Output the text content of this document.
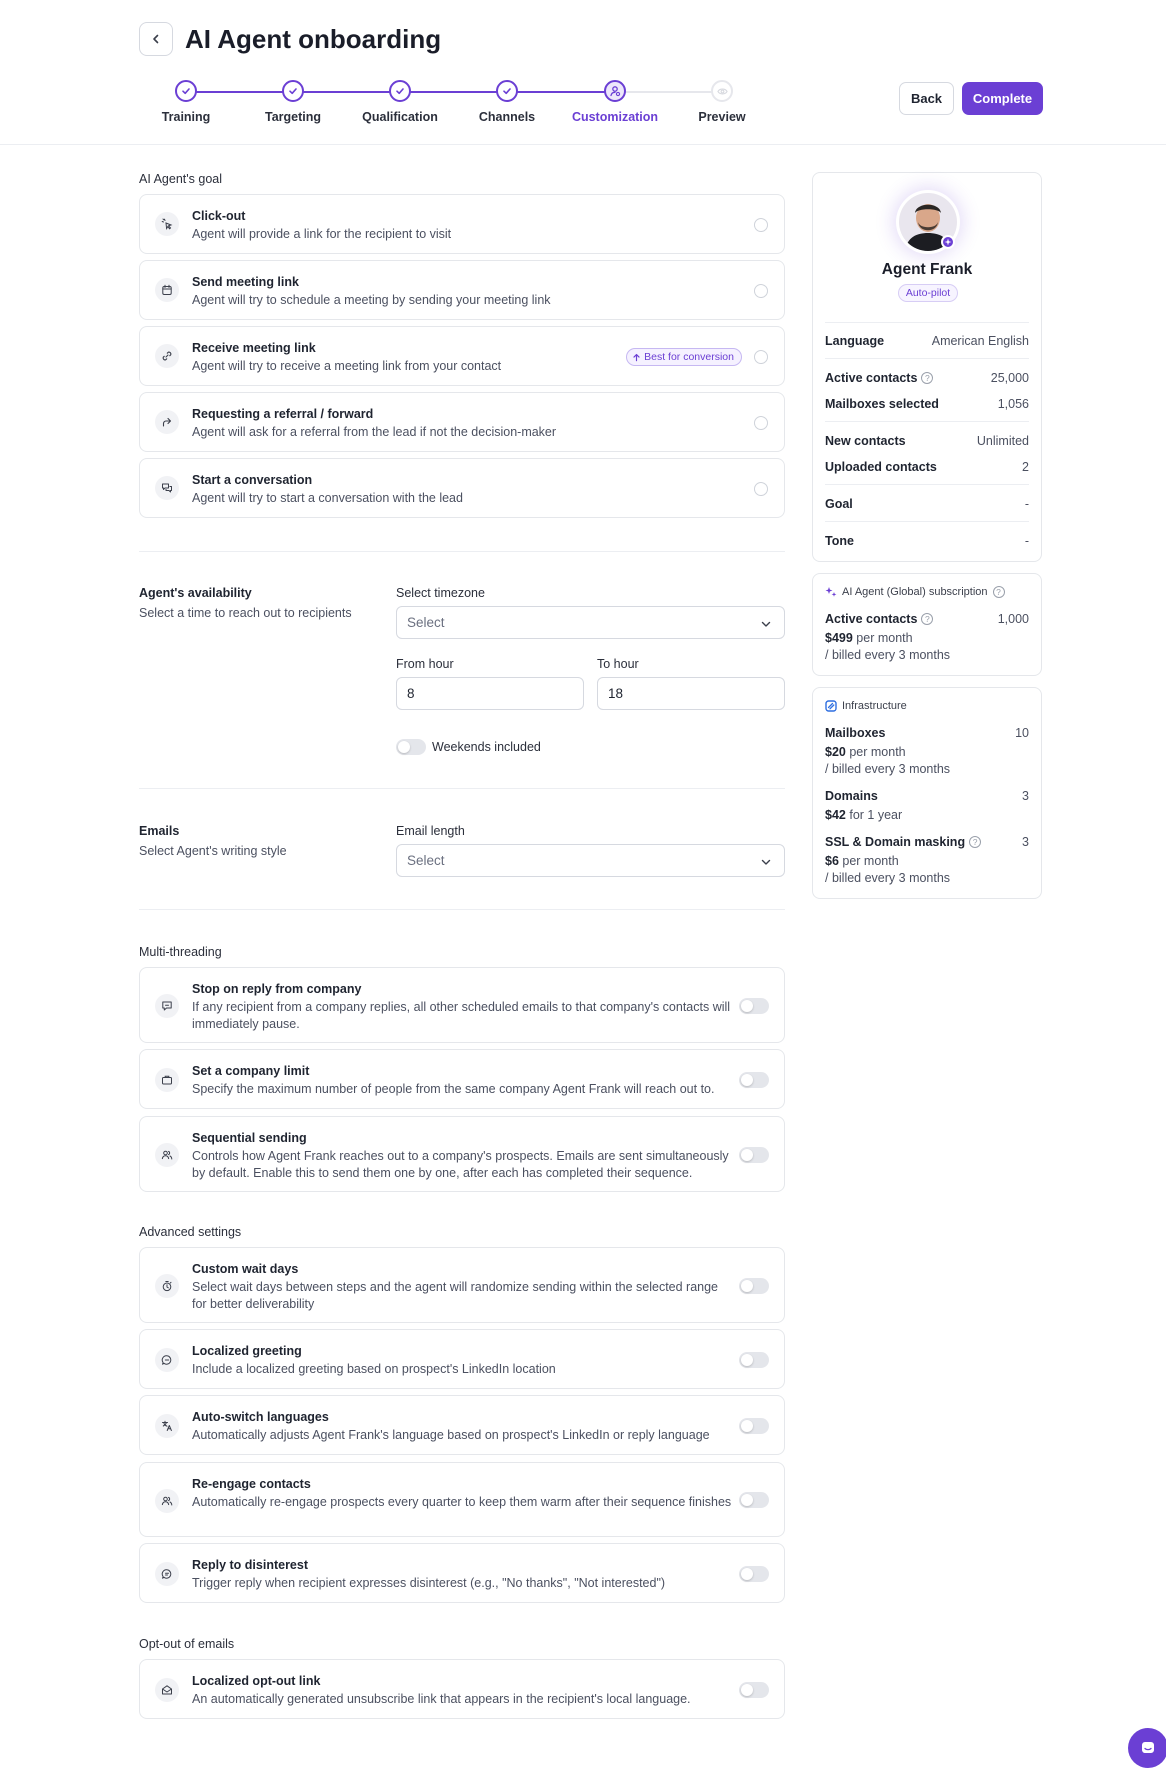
AI Agent onboarding
Training	Targeting	Qualification	Channels	Customization	Preview
Back	Complete
AI Agent's goal
Click-out
Agent will provide a link for the recipient to visit
Send meeting link
Agent will try to schedule a meeting by sending your meeting link
Receive meeting link
Agent will try to receive a meeting link from your contact
Best for conversion
Requesting a referral / forward
Agent will ask for a referral from the lead if not the decision-maker
Start a conversation
Agent will try to start a conversation with the lead
Agent's availability
Select a time to reach out to recipients
Select timezone
Select
From hour
8
To hour
18
Weekends included
Emails
Select Agent's writing style
Email length
Select
Multi-threading
Stop on reply from company
If any recipient from a company replies, all other scheduled emails to that company's contacts will immediately pause.
Set a company limit
Specify the maximum number of people from the same company Agent Frank will reach out to.
Sequential sending
Controls how Agent Frank reaches out to a company's prospects. Emails are sent simultaneously by default. Enable this to send them one by one, after each has completed their sequence.
Advanced settings
Custom wait days
Select wait days between steps and the agent will randomize sending within the selected range for better deliverability
Localized greeting
Include a localized greeting based on prospect's LinkedIn location
Auto-switch languages
Automatically adjusts Agent Frank's language based on prospect's LinkedIn or reply language
Re-engage contacts
Automatically re-engage prospects every quarter to keep them warm after their sequence finishes
Reply to disinterest
Trigger reply when recipient expresses disinterest (e.g., "No thanks", "Not interested")
Opt-out of emails
Localized opt-out link
An automatically generated unsubscribe link that appears in the recipient's local language.
Agent Frank
Auto-pilot
Language	American English
Active contacts ?	25,000
Mailboxes selected	1,056
New contacts	Unlimited
Uploaded contacts	2
Goal	-
Tone	-
AI Agent (Global) subscription	?
Active contacts ?	1,000
$499 per month
/ billed every 3 months
Infrastructure
Mailboxes	10
$20 per month
/ billed every 3 months
Domains	3
$42 for 1 year
SSL & Domain masking ?	3
$6 per month
/ billed every 3 months
